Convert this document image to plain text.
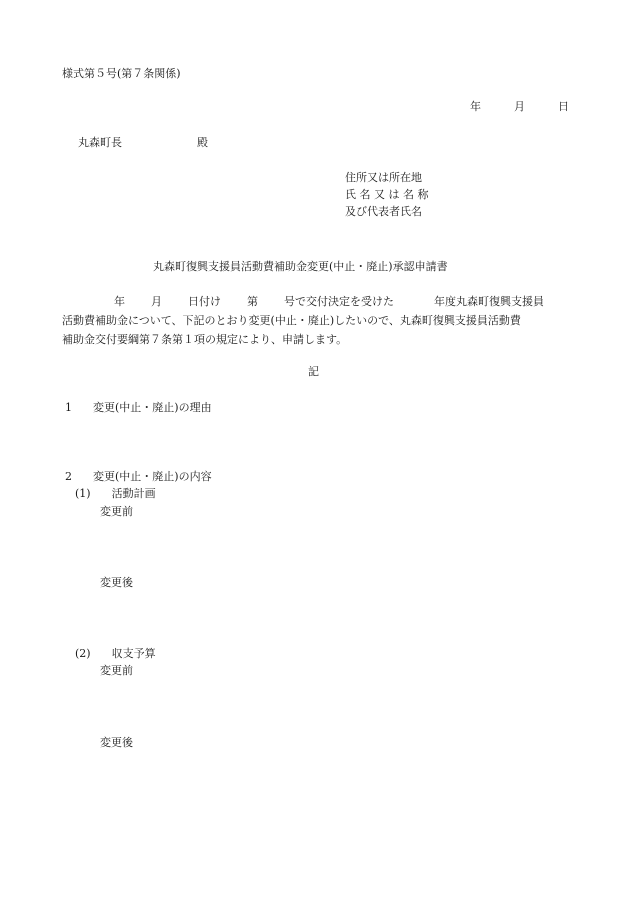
様式第５号(第７条関係)
年	月	日
丸森町長	殿
住所又は所在地
氏 名 又 は 名 称
及び代表者氏名
丸森町復興支援員活動費補助金変更(中止・廃止)承認申請書
年 月 日付け 第 号で交付決定を受けた	年度丸森町復興支援員
活動費補助金について、下記のとおり変更(中止・廃止)したいので、丸森町復興支援員活動費
補助金交付要綱第７条第１項の規定により、申請します。
記
1 変更(中止・廃止)の理由
2 変更(中止・廃止)の内容
(1) 活動計画
変更前
変更後
(2) 収支予算
変更前
変更後
